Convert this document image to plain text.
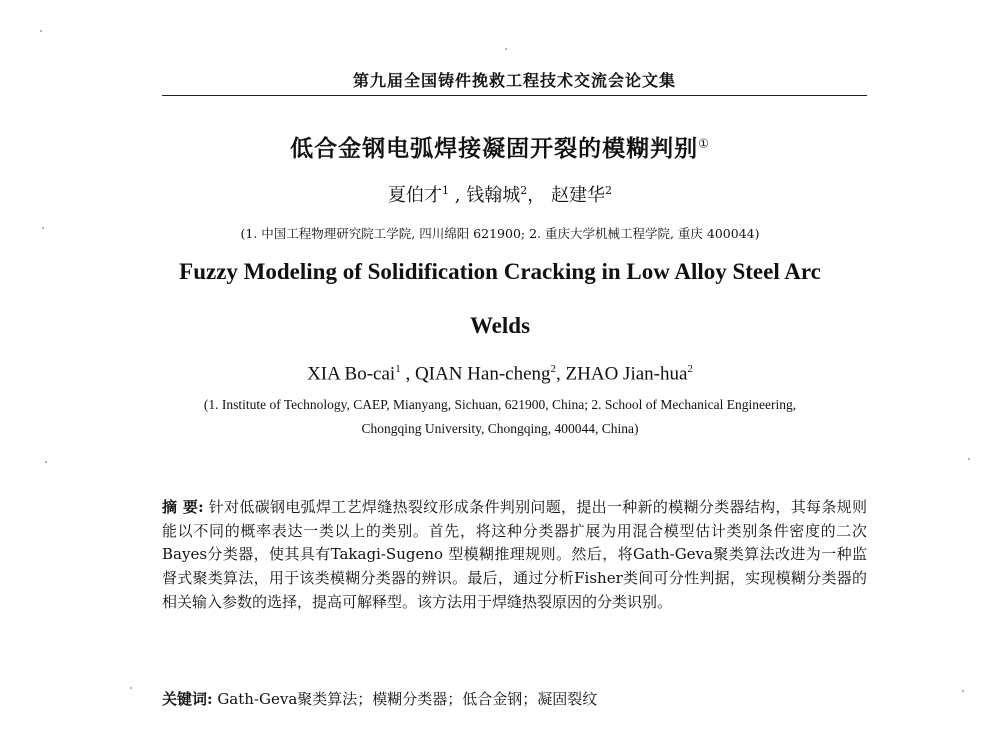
第九届全国铸件挽救工程技术交流会论文集
低合金钢电弧焊接凝固开裂的模糊判别①
夏伯才$^1$ , 钱翰城$^2$， 赵建华$^2$
(1. 中国工程物理研究院工学院, 四川绵阳 621900; 2. 重庆大学机械工程学院, 重庆 400044)
Fuzzy Modeling of Solidification Cracking in Low Alloy Steel Arc
Welds
XIA Bo-cai$^1$ , QIAN Han-cheng$^2$, ZHAO Jian-hua$^2$
(1. Institute of Technology, CAEP, Mianyang, Sichuan, 621900, China; 2. School of Mechanical Engineering,
Chongqing University, Chongqing, 400044, China)
摘 要: 针对低碳钢电弧焊工艺焊缝热裂纹形成条件判别问题，提出一种新的模糊分类器结构，其每条规则能以不同的概率表达一类以上的类别。首先，将这种分类器扩展为用混合模型估计类别条件密度的二次Bayes分类器，使其具有Takagi-Sugeno 型模糊推理规则。然后，将Gath-Geva聚类算法改进为一种监督式聚类算法，用于该类模糊分类器的辨识。最后，通过分析Fisher类间可分性判据，实现模糊分类器的相关输入参数的选择，提高可解释型。该方法用于焊缝热裂原因的分类识别。
关键词: Gath-Geva聚类算法；模糊分类器；低合金钢；凝固裂纹
